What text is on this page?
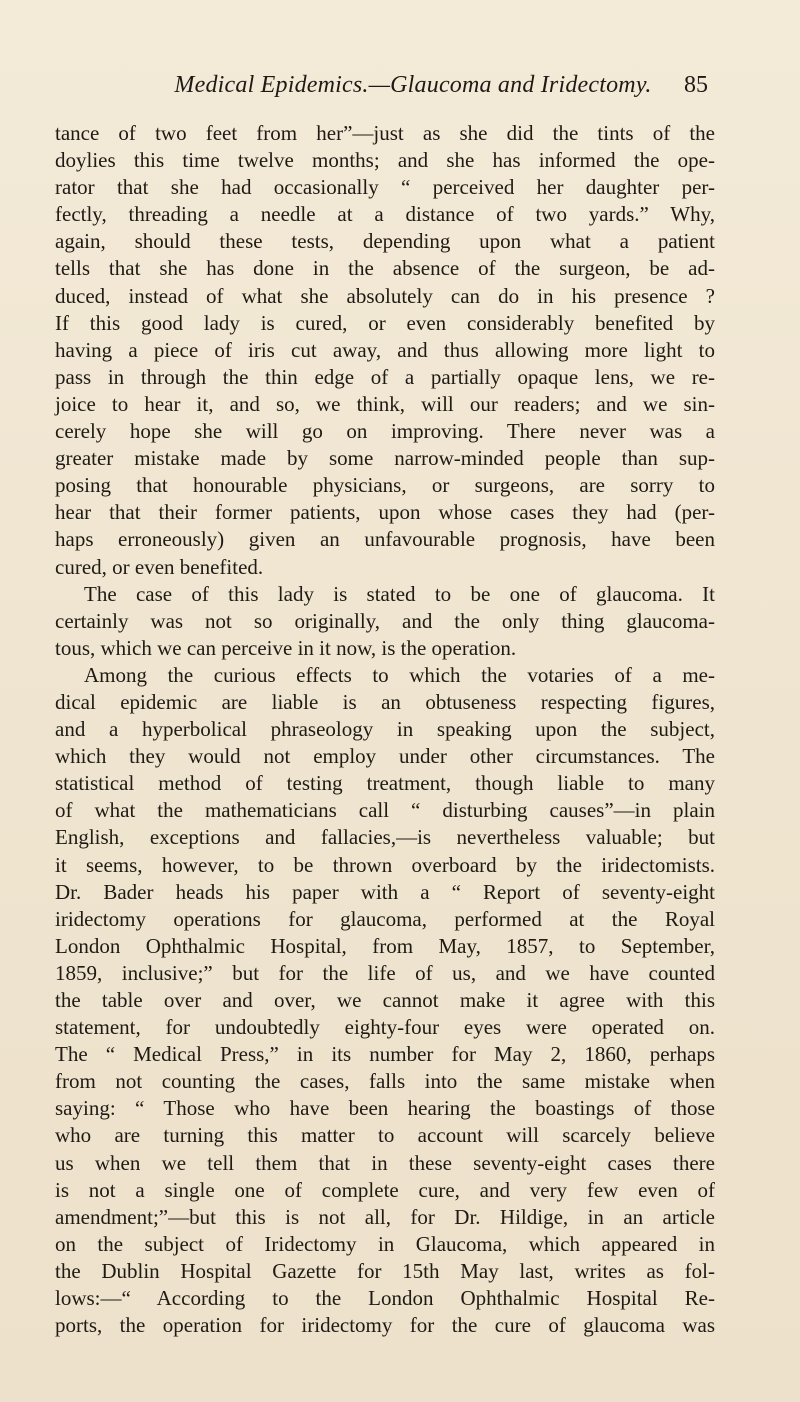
Medical Epidemics.—Glaucoma and Iridectomy.	85
tance of two feet from her”—just as she did the tints of the
doylies this time twelve months; and she has informed the ope-
rator that she had occasionally “ perceived her daughter per-
fectly, threading a needle at a distance of two yards.” Why,
again, should these tests, depending upon what a patient
tells that she has done in the absence of the surgeon, be ad-
duced, instead of what she absolutely can do in his presence ?
If this good lady is cured, or even considerably benefited by
having a piece of iris cut away, and thus allowing more light to
pass in through the thin edge of a partially opaque lens, we re-
joice to hear it, and so, we think, will our readers; and we sin-
cerely hope she will go on improving. There never was a
greater mistake made by some narrow-minded people than sup-
posing that honourable physicians, or surgeons, are sorry to
hear that their former patients, upon whose cases they had (per-
haps erroneously) given an unfavourable prognosis, have been
cured, or even benefited.
The case of this lady is stated to be one of glaucoma. It
certainly was not so originally, and the only thing glaucoma-
tous, which we can perceive in it now, is the operation.
Among the curious effects to which the votaries of a me-
dical epidemic are liable is an obtuseness respecting figures,
and a hyperbolical phraseology in speaking upon the subject,
which they would not employ under other circumstances. The
statistical method of testing treatment, though liable to many
of what the mathematicians call “ disturbing causes”—in plain
English, exceptions and fallacies,—is nevertheless valuable; but
it seems, however, to be thrown overboard by the iridectomists.
Dr. Bader heads his paper with a “ Report of seventy-eight
iridectomy operations for glaucoma, performed at the Royal
London Ophthalmic Hospital, from May, 1857, to September,
1859, inclusive;” but for the life of us, and we have counted
the table over and over, we cannot make it agree with this
statement, for undoubtedly eighty-four eyes were operated on.
The “ Medical Press,” in its number for May 2, 1860, perhaps
from not counting the cases, falls into the same mistake when
saying: “ Those who have been hearing the boastings of those
who are turning this matter to account will scarcely believe
us when we tell them that in these seventy-eight cases there
is not a single one of complete cure, and very few even of
amendment;”—but this is not all, for Dr. Hildige, in an article
on the subject of Iridectomy in Glaucoma, which appeared in
the Dublin Hospital Gazette for 15th May last, writes as fol-
lows:—“ According to the London Ophthalmic Hospital Re-
ports, the operation for iridectomy for the cure of glaucoma was
